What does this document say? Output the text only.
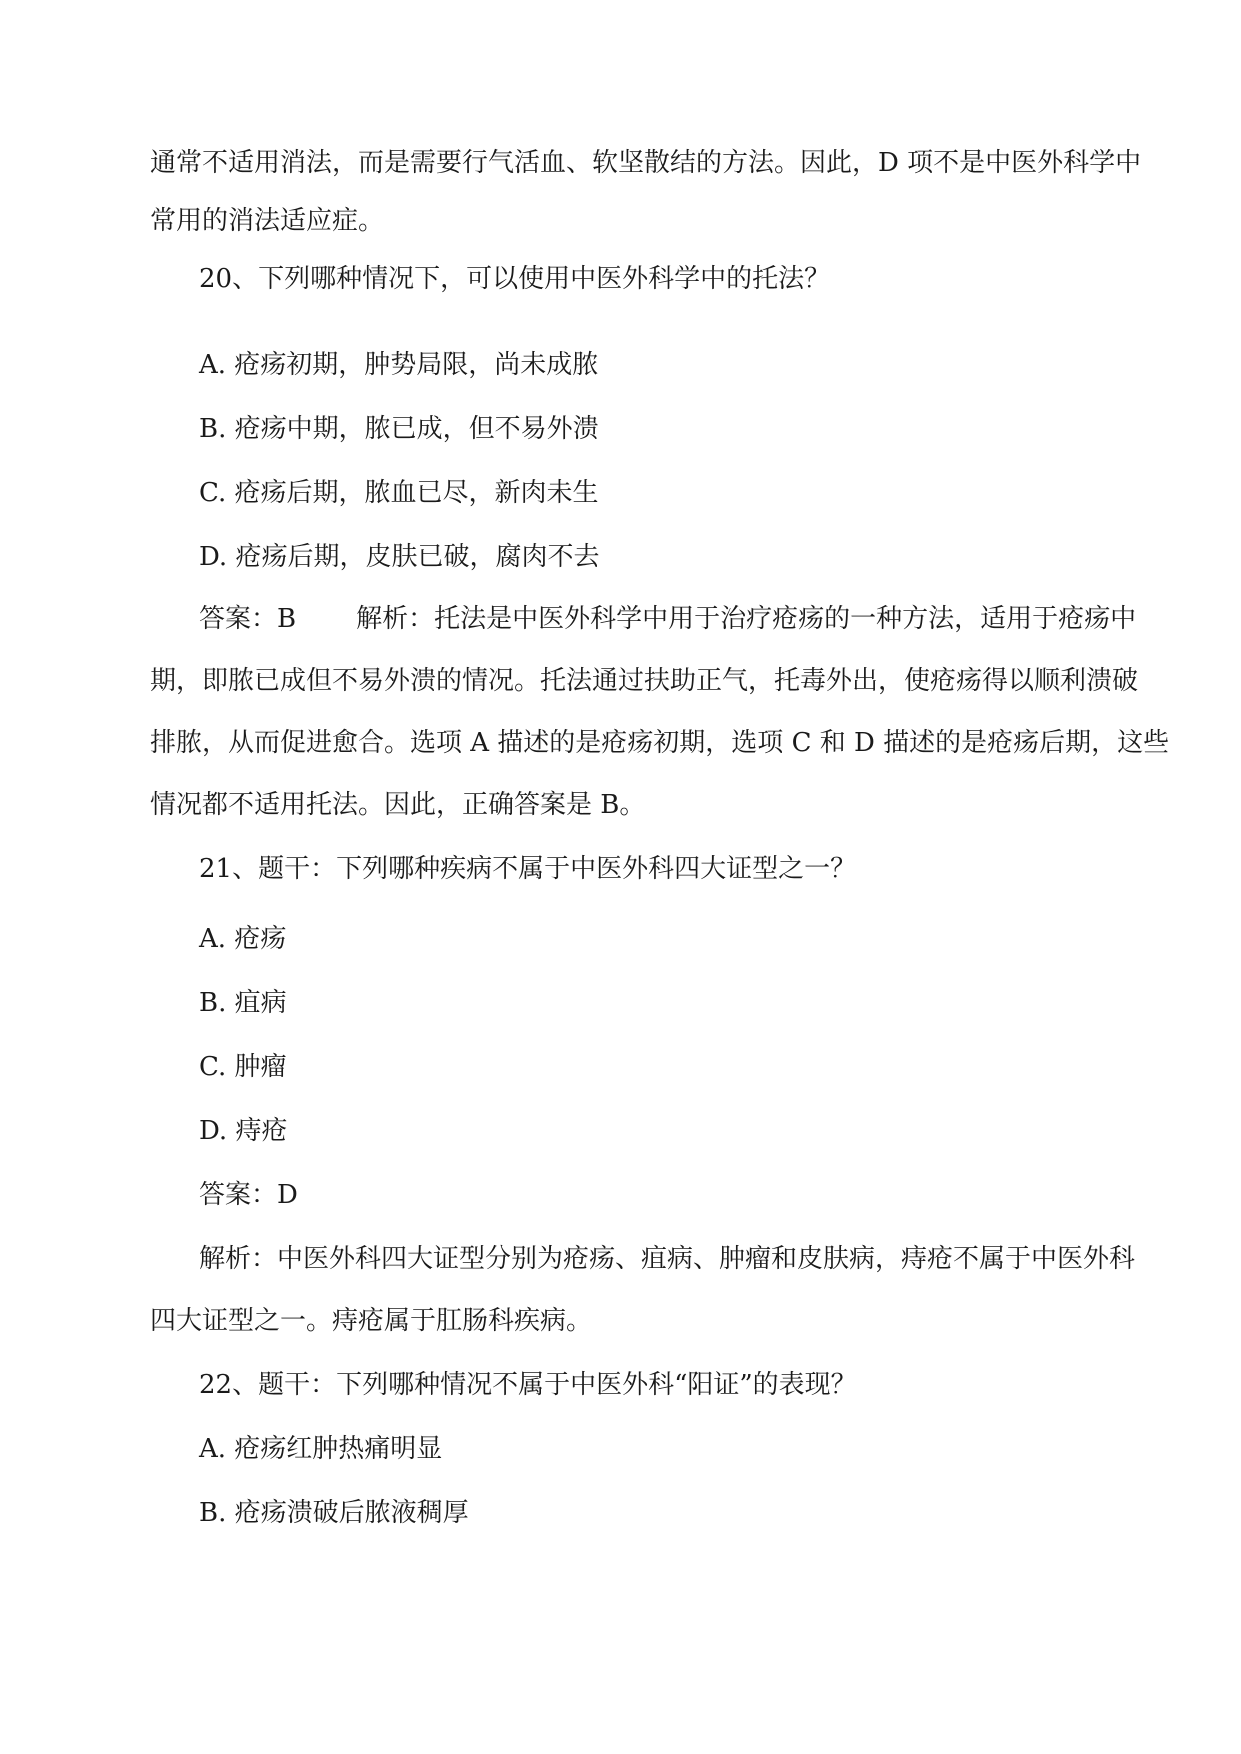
通常不适用消法，而是需要行气活血、软坚散结的方法。因此，D 项不是中医外科学中
常用的消法适应症。
20、下列哪种情况下，可以使用中医外科学中的托法？
A. 疮疡初期，肿势局限，尚未成脓
B. 疮疡中期，脓已成，但不易外溃
C. 疮疡后期，脓血已尽，新肉未生
D. 疮疡后期，皮肤已破，腐肉不去
答案：B 解析：托法是中医外科学中用于治疗疮疡的一种方法，适用于疮疡中
期，即脓已成但不易外溃的情况。托法通过扶助正气，托毒外出，使疮疡得以顺利溃破
排脓，从而促进愈合。选项 A 描述的是疮疡初期，选项 C 和 D 描述的是疮疡后期，这些
情况都不适用托法。因此，正确答案是 B。
21、题干：下列哪种疾病不属于中医外科四大证型之一？
A. 疮疡
B. 疽病
C. 肿瘤
D. 痔疮
答案：D
解析：中医外科四大证型分别为疮疡、疽病、肿瘤和皮肤病，痔疮不属于中医外科
四大证型之一。痔疮属于肛肠科疾病。
22、题干：下列哪种情况不属于中医外科“阳证”的表现？
A. 疮疡红肿热痛明显
B. 疮疡溃破后脓液稠厚
